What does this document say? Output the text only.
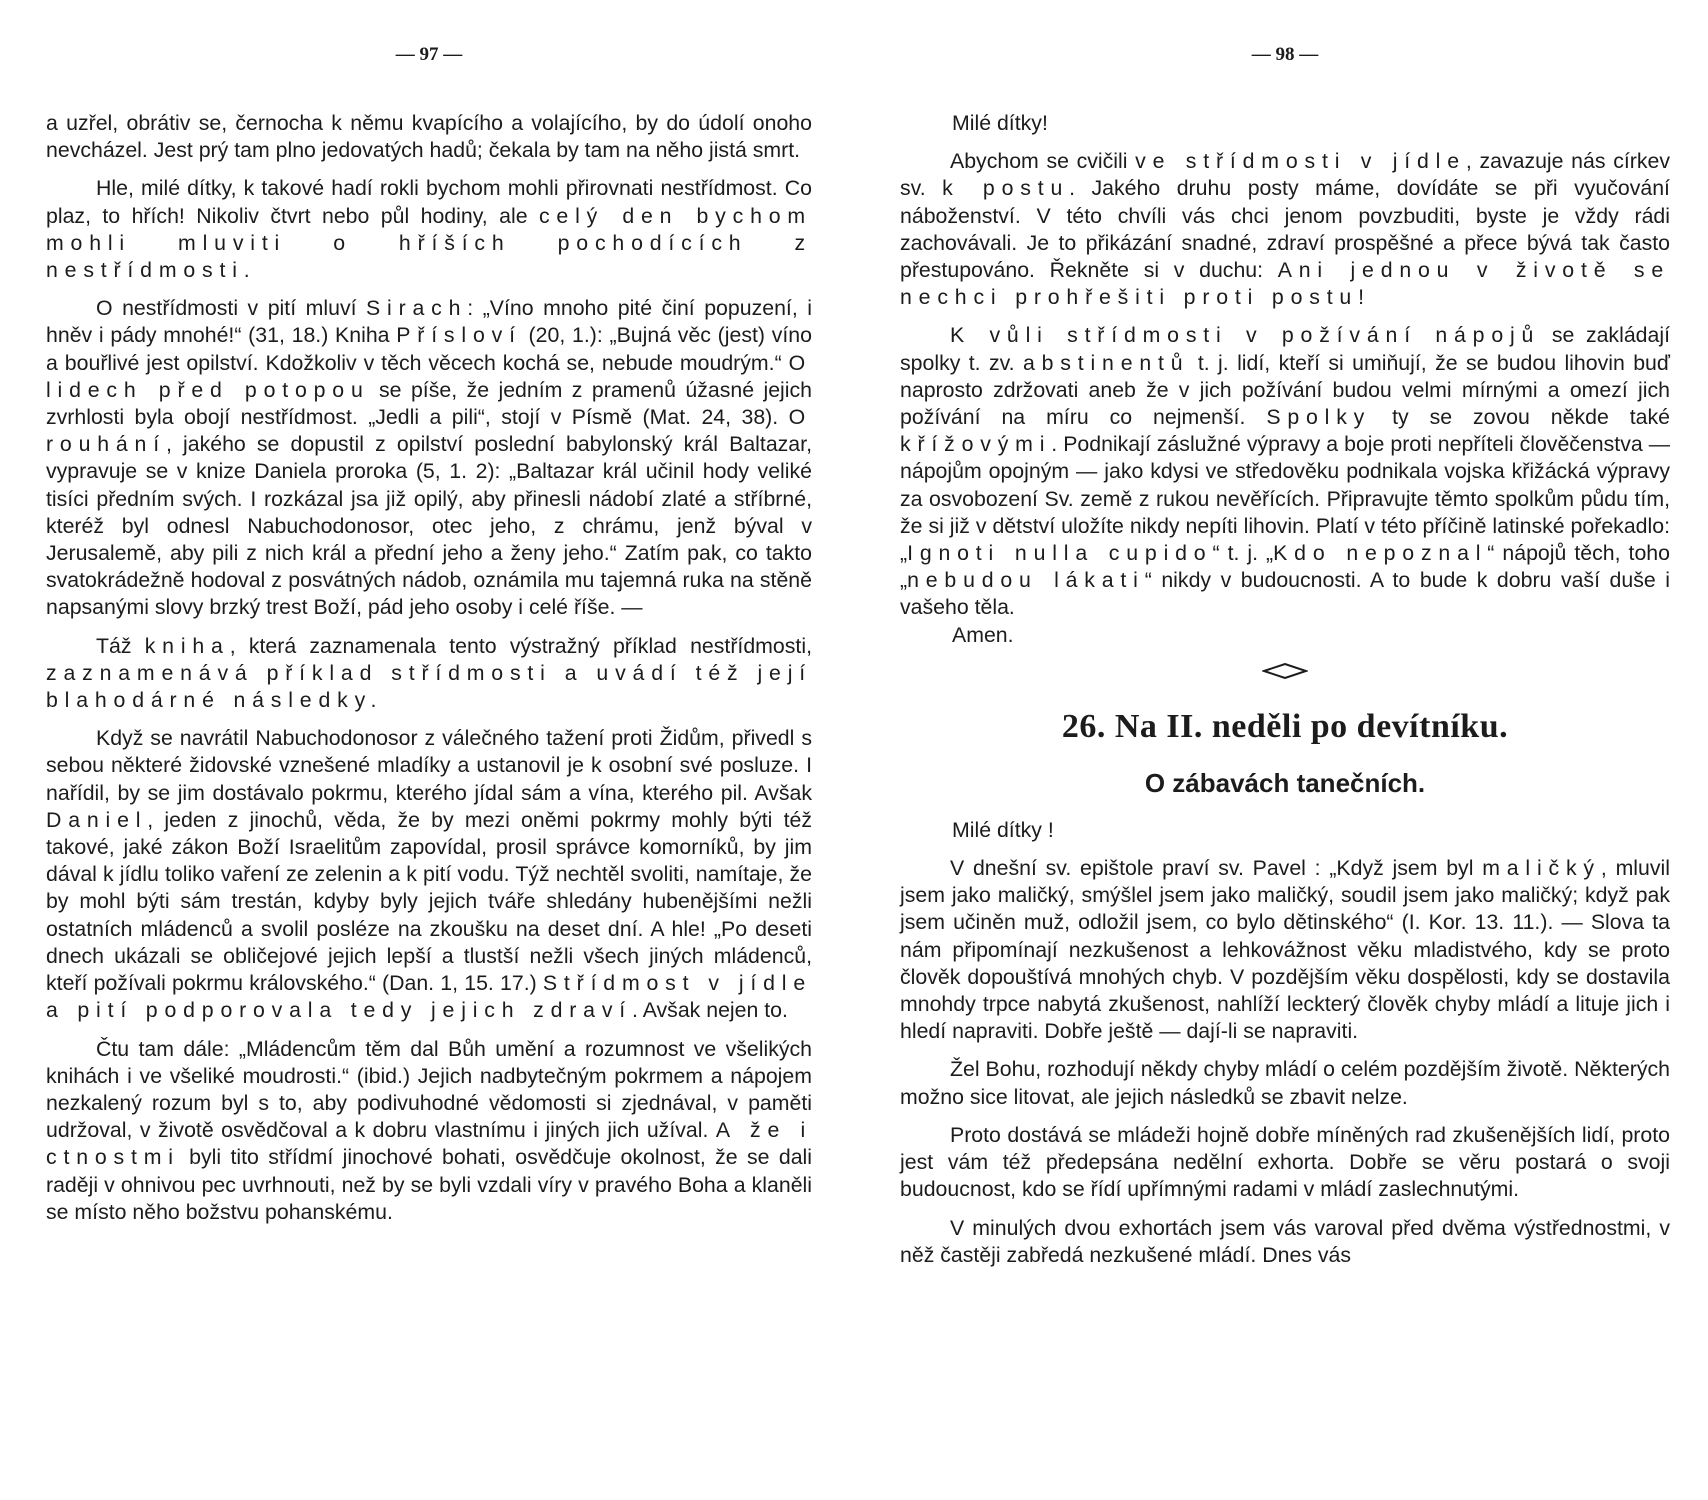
— 97 —

a uzřel, obrátiv se, černocha k němu kvapícího a volajícího, by do údolí onoho nevcházel. Jest prý tam plno jedovatých hadů; čekala by tam na něho jistá smrt.

Hle, milé dítky, k takové hadí rokli bychom mohli přirovnati nestřídmost. Co plaz, to hřích! Nikoliv čtvrt nebo půl hodiny, ale celý den bychom mohli mluviti o hříších pochodících z nestřídmosti.

O nestřídmosti v pití mluví Sirach: „Víno mnoho pité činí popuzení, i hněv i pády mnohé!“ (31, 18.) Kniha Přísloví (20, 1.): „Bujná věc (jest) víno a bouřlivé jest opilství. Kdožkoliv v těch věcech kochá se, nebude moudrým.“ O lidech před potopou se píše, že jedním z pramenů úžasné jejich zvrhlosti byla obojí nestřídmost. „Jedli a pili“, stojí v Písmě (Mat. 24, 38). O rouhání, jakého se dopustil z opilství poslední babylonský král Baltazar, vypravuje se v knize Daniela proroka (5, 1. 2): „Baltazar král učinil hody veliké tisíci předním svých. I rozkázal jsa již opilý, aby přinesli nádobí zlaté a stříbrné, kteréž byl odnesl Nabuchodonosor, otec jeho, z chrámu, jenž býval v Jerusalemě, aby pili z nich král a přední jeho a ženy jeho.“ Zatím pak, co takto svatokrádežně hodoval z posvátných nádob, oznámila mu tajemná ruka na stěně napsanými slovy brzký trest Boží, pád jeho osoby i celé říše. —

Táž kniha, která zaznamenala tento výstražný příklad nestřídmosti, zaznamenává příklad střídmosti a uvádí též její blahodárné následky.

Když se navrátil Nabuchodonosor z válečného tažení proti Židům, přivedl s sebou některé židovské vznešené mladíky a ustanovil je k osobní své posluze. I nařídil, by se jim dostávalo pokrmu, kterého jídal sám a vína, kterého pil. Avšak Daniel, jeden z jinochů, věda, že by mezi oněmi pokrmy mohly býti též takové, jaké zákon Boží Israelitům zapovídal, prosil správce komorníků, by jim dával k jídlu toliko vaření ze zelenin a k pití vodu. Týž nechtěl svoliti, namítaje, že by mohl býti sám trestán, kdyby byly jejich tváře shledány hubenějšími nežli ostatních mládenců a svolil posléze na zkoušku na deset dní. A hle! „Po deseti dnech ukázali se obličejové jejich lepší a tlustší nežli všech jiných mládenců, kteří požívali pokrmu královského.“ (Dan. 1, 15. 17.) Střídmost v jídle a pití podporovala tedy jejich zdraví. Avšak nejen to.

Čtu tam dále: „Mládencům těm dal Bůh umění a rozumnost ve všelikých knihách i ve všeliké moudrosti.“ (ibid.) Jejich nadbytečným pokrmem a nápojem nezkalený rozum byl s to, aby podivuhodné vědomosti si zjednával, v paměti udržoval, v životě osvědčoval a k dobru vlastnímu i jiných jich užíval. A že i ctnostmi byli tito střídmí jinochové bohati, osvědčuje okolnost, že se dali raději v ohnivou pec uvrhnouti, než by se byli vzdali víry v pravého Boha a klaněli se místo něho božstvu pohanskému.

— 98 —

Milé dítky!

Abychom se cvičili ve střídmosti v jídle, zavazuje nás církev sv. k postu. Jakého druhu posty máme, dovídáte se při vyučování náboženství. V této chvíli vás chci jenom povzbuditi, byste je vždy rádi zachovávali. Je to přikázání snadné, zdraví prospěšné a přece bývá tak často přestupováno. Řekněte si v duchu: Ani jednou v životě se nechci prohřešiti proti postu!

K vůli střídmosti v požívání nápojů se zakládají spolky t. zv. abstinentů t. j. lidí, kteří si umiňují, že se budou lihovin buď naprosto zdržovati aneb že v jich požívání budou velmi mírnými a omezí jich požívání na míru co nejmenší. Spolky ty se zovou někde také křížovými. Podnikají záslužné výpravy a boje proti nepříteli člověčenstva — nápojům opojným — jako kdysi ve středověku podnikala vojska křižácká výpravy za osvobození Sv. země z rukou nevěřících. Připravujte těmto spolkům půdu tím, že si již v dětství uložíte nikdy nepíti lihovin. Platí v této příčině latinské pořekadlo: „Ignoti nulla cupido“ t. j. „Kdo nepoznal“ nápojů těch, toho „nebudou lákati“ nikdy v budoucnosti. A to bude k dobru vaší duše i vašeho těla.

Amen.

26. Na II. neděli po devítníku.
O zábavách tanečních.

Milé dítky !

V dnešní sv. epištole praví sv. Pavel : „Když jsem byl maličký, mluvil jsem jako maličký, smýšlel jsem jako maličký, soudil jsem jako maličký; když pak jsem učiněn muž, odložil jsem, co bylo dětinského“ (I. Kor. 13. 11.). — Slova ta nám připomínají nezkušenost a lehkovážnost věku mladistvého, kdy se proto člověk dopouštívá mnohých chyb. V pozdějším věku dospělosti, kdy se dostavila mnohdy trpce nabytá zkušenost, nahlíží leckterý člověk chyby mládí a lituje jich i hledí napraviti. Dobře ještě — dají-li se napraviti.

Žel Bohu, rozhodují někdy chyby mládí o celém pozdějším životě. Některých možno sice litovat, ale jejich následků se zbavit nelze.

Proto dostává se mládeži hojně dobře míněných rad zkušenějších lidí, proto jest vám též předepsána nedělní exhorta. Dobře se věru postará o svoji budoucnost, kdo se řídí upřímnými radami v mládí zaslechnutými.

V minulých dvou exhortách jsem vás varoval před dvěma výstřednostmi, v něž častěji zabředá nezkušené mládí. Dnes vás
